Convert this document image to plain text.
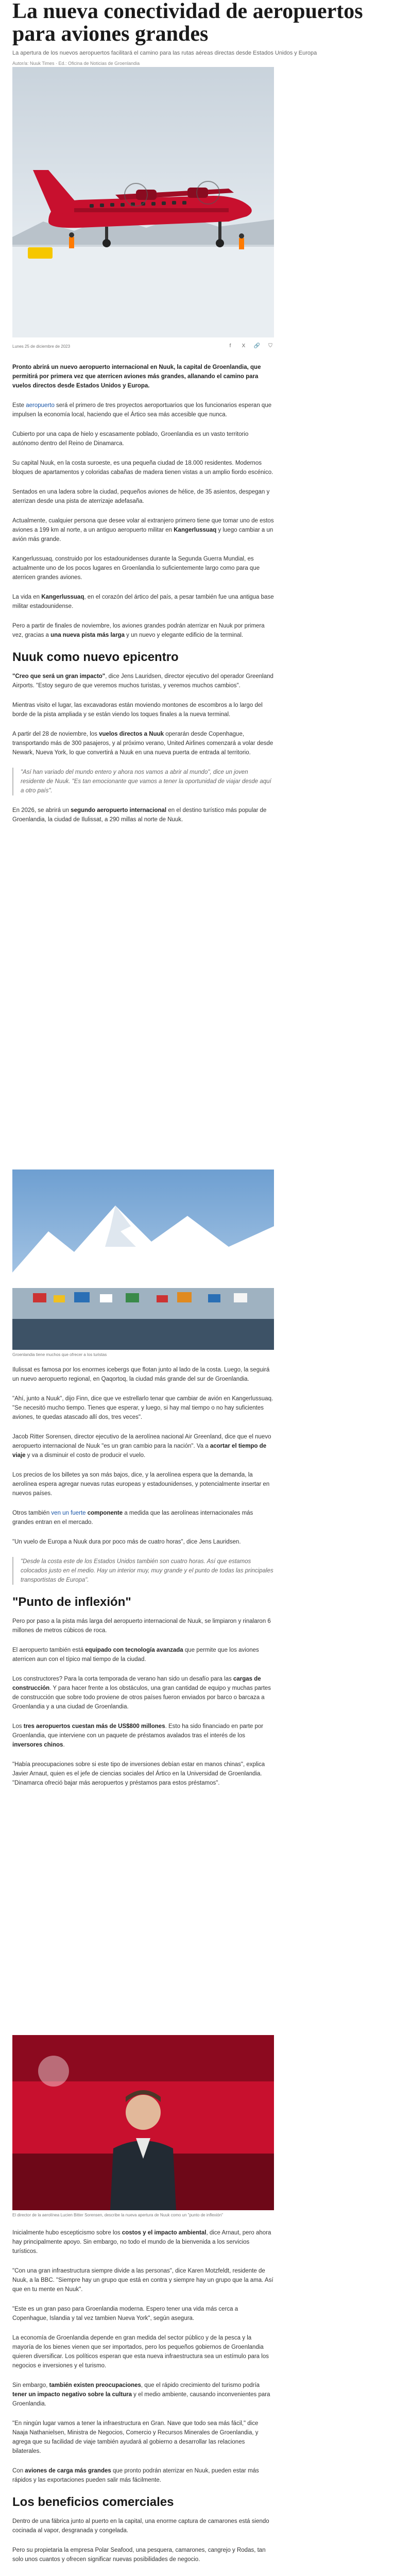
La nueva conectividad de aeropuertos para aviones grandes

La apertura de los nuevos aeropuertos facilitará el camino para las rutas aéreas directas desde Estados Unidos y Europa

Autor/a: Nuuk Times · Ed.: Oficina de Noticias de Groenlandia

Lunes 25 de diciembre de 2023	f	X	🔗	⛉

Pronto abrirá un nuevo aeropuerto internacional en Nuuk, la capital de Groenlandia, que permitirá por primera vez que aterricen aviones más grandes, allanando el camino para vuelos directos desde Estados Unidos y Europa.

Este aeropuerto será el primero de tres proyectos aeroportuarios que los funcionarios esperan que impulsen la economía local, haciendo que el Ártico sea más accesible que nunca.

Cubierto por una capa de hielo y escasamente poblado, Groenlandia es un vasto territorio autónomo dentro del Reino de Dinamarca.

Su capital Nuuk, en la costa suroeste, es una pequeña ciudad de 18.000 residentes. Modernos bloques de apartamentos y coloridas cabañas de madera tienen vistas a un amplio fiordo escénico.

Sentados en una ladera sobre la ciudad, pequeños aviones de hélice, de 35 asientos, despegan y aterrizan desde una pista de aterrizaje adefasaña.

Actualmente, cualquier persona que desee volar al extranjero primero tiene que tomar uno de estos aviones a 199 km al norte, a un antiguo aeropuerto militar en Kangerlussuaq y luego cambiar a un avión más grande.

Kangerlussuaq, construido por los estadounidenses durante la Segunda Guerra Mundial, es actualmente uno de los pocos lugares en Groenlandia lo suficientemente largo como para que aterricen grandes aviones.

La vida en Kangerlussuaq, en el corazón del ártico del país, a pesar también fue una antigua base militar estadounidense.

Pero a partir de finales de noviembre, los aviones grandes podrán aterrizar en Nuuk por primera vez, gracias a una nueva pista más larga y un nuevo y elegante edificio de la terminal.

Nuuk como nuevo epicentro

"Creo que será un gran impacto", dice Jens Lauridsen, director ejecutivo del operador Greenland Airports. "Estoy seguro de que veremos muchos turistas, y veremos muchos cambios".

Mientras visito el lugar, las excavadoras están moviendo montones de escombros a lo largo del borde de la pista ampliada y se están viendo los toques finales a la nueva terminal.

A partir del 28 de noviembre, los vuelos directos a Nuuk operarán desde Copenhague, transportando más de 300 pasajeros, y al próximo verano, United Airlines comenzará a volar desde Newark, Nueva York, lo que convertirá a Nuuk en una nueva puerta de entrada al territorio.

"Así han variado del mundo entero y ahora nos vamos a abrir al mundo", dice un joven residente de Nuuk. "Es tan emocionante que vamos a tener la oportunidad de viajar desde aquí a otro país".

En 2026, se abrirá un segundo aeropuerto internacional en el destino turístico más popular de Groenlandia, la ciudad de Ilulissat, a 290 millas al norte de Nuuk.

Groenlandia tiene muchos que ofrecer a los turistas

Ilulissat es famosa por los enormes icebergs que flotan junto al lado de la costa. Luego, la seguirá un nuevo aeropuerto regional, en Qaqortoq, la ciudad más grande del sur de Groenlandia.

"Ahí, junto a Nuuk", dijo Finn, dice que ve estrellarlo tenar que cambiar de avión en Kangerlussuaq. "Se necesitó mucho tiempo. Tienes que esperar, y luego, si hay mal tiempo o no hay suficientes aviones, te quedas atascado allí dos, tres veces".

Jacob Ritter Sorensen, director ejecutivo de la aerolínea nacional Air Greenland, dice que el nuevo aeropuerto internacional de Nuuk "es un gran cambio para la nación". Va a acortar el tiempo de viaje y va a disminuir el costo de producir el vuelo.

Los precios de los billetes ya son más bajos, dice, y la aerolínea espera que la demanda, la aerolínea espera agregar nuevas rutas europeas y estadounidenses, y potencialmente insertar en nuevos países.

Otros también ven un fuerte componente a medida que las aerolíneas internacionales más grandes entran en el mercado.

"Un vuelo de Europa a Nuuk dura por poco más de cuatro horas", dice Jens Lauridsen.

"Desde la costa este de los Estados Unidos también son cuatro horas. Así que estamos colocados justo en el medio. Hay un interior muy, muy grande y el punto de todas las principales transportistas de Europa".
"Punto de inflexión"

Pero por paso a la pista más larga del aeropuerto internacional de Nuuk, se limpiaron y rinalaron 6 millones de metros cúbicos de roca.

El aeropuerto también está equipado con tecnología avanzada que permite que los aviones aterricen aun con el típico mal tiempo de la ciudad.

Los constructores? Para la corta temporada de verano han sido un desafío para las cargas de construcción. Y para hacer frente a los obstáculos, una gran cantidad de equipo y muchas partes de construcción que sobre todo proviene de otros países fueron enviados por barco o barcaza a Groenlandia y a una ciudad de Groenlandia.

Los tres aeropuertos cuestan más de US$800 millones. Esto ha sido financiado en parte por Groenlandia, que interviene con un paquete de préstamos avalados tras el interés de los inversores chinos.

"Había preocupaciones sobre si este tipo de inversiones debían estar en manos chinas", explica Javier Arnaut, quien es el jefe de ciencias sociales del Ártico en la Universidad de Groenlandia. "Dinamarca ofreció bajar más aeropuertos y préstamos para estos préstamos".

El director de la aerolínea Lucien Bitter Sorensen, describe la nueva apertura de Nuuk como un "punto de inflexión"

Inicialmente hubo escepticismo sobre los costos y el impacto ambiental, dice Arnaut, pero ahora hay principalmente apoyo. Sin embargo, no todo el mundo de la bienvenida a los servicios turísticos.

"Con una gran infraestructura siempre divide a las personas", dice Karen Motzfeldt, residente de Nuuk, a la BBC. "Siempre hay un grupo que está en contra y siempre hay un grupo que la ama. Así que en tu mente en Nuuk".

"Este es un gran paso para Groenlandia moderna. Espero tener una vida más cerca a Copenhague, Islandia y tal vez tambien Nueva York", según asegura.

La economía de Groenlandia depende en gran medida del sector público y de la pesca y la mayoría de los bienes vienen que ser importados, pero los pequeños gobiernos de Groenlandia quieren diversificar. Los políticos esperan que esta nueva infraestructura sea un estímulo para los negocios e inversiones y el turismo.

Sin embargo, también existen preocupaciones, que el rápido crecimiento del turismo podría tener un impacto negativo sobre la cultura y el medio ambiente, causando inconvenientes para Groenlandia.

"En ningún lugar vamos a tener la infraestructura en Gran. Nave que todo sea más fácil," dice Naaja Nathanielsen, Ministra de Negocios, Comercio y Recursos Minerales de Groenlandia, y agrega que su facilidad de viaje también ayudará al gobierno a desarrollar las relaciones bilaterales.

Con aviones de carga más grandes que pronto podrán aterrizar en Nuuk, pueden estar más rápidos y las exportaciones pueden salir más fácilmente.

Los beneficios comerciales

Dentro de una fábrica junto al puerto en la capital, una enorme captura de camarones está siendo cocinada al vapor, desgranada y congelada.

Pero su propietaria la empresa Polar Seafood, una pesquera, camarones, cangrejo y Rodas, tan solo unos cuantos y ofrecen significar nuevas posibilidades de negocio.
